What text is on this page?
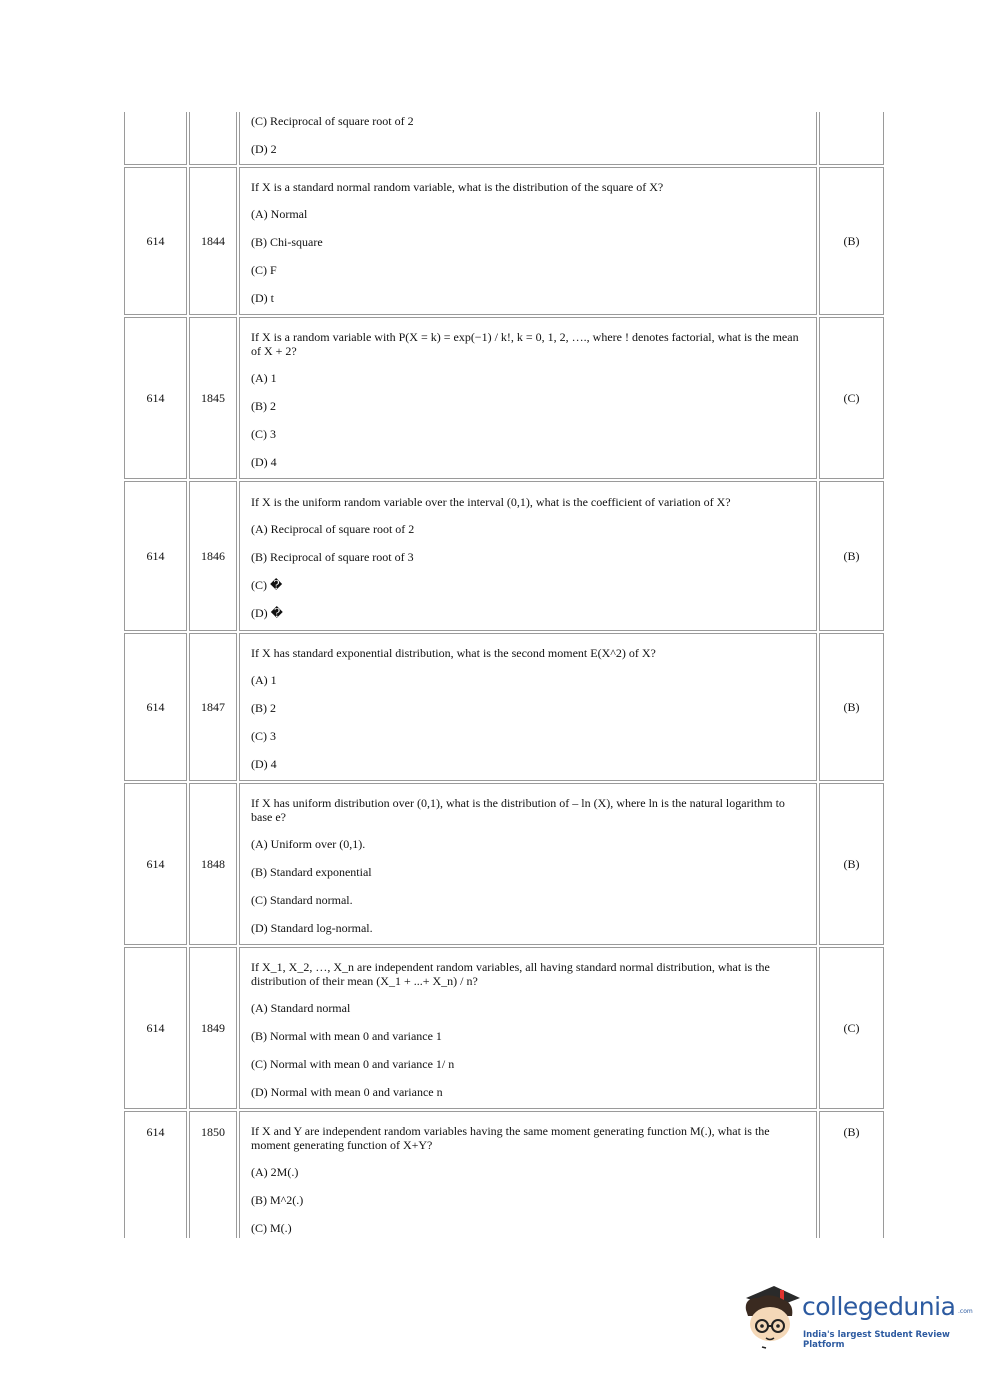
		(C) Reciprocal of square root of 2

(D) 2	

614	1844	If X is a standard normal random variable, what is the distribution of the square of X?

(A) Normal

(B) Chi-square

(C) F

(D) t	(B)
614	1845	If X is a random variable with P(X = k) = exp(−1) / k!, k = 0, 1, 2, …., where ! denotes factorial, what is the mean of X + 2?

(A) 1

(B) 2

(C) 3

(D) 4	(C)
614	1846	If X is the uniform random variable over the interval (0,1), what is the coefficient of variation of X?

(A) Reciprocal of square root of 2

(B) Reciprocal of square root of 3

(C) �

(D) �	(B)
614	1847	If X has standard exponential distribution, what is the second moment E(X^2) of X?

(A) 1

(B) 2

(C) 3

(D) 4	(B)
614	1848	If X has uniform distribution over (0,1), what is the distribution of – ln (X), where ln is the natural logarithm to base e?

(A) Uniform over (0,1).

(B) Standard exponential

(C) Standard normal.

(D) Standard log-normal.	(B)
614	1849	If X_1, X_2, …, X_n are independent random variables, all having standard normal distribution, what is the distribution of their mean (X_1 + ...+ X_n) / n?

(A) Standard normal

(B) Normal with mean 0 and variance 1

(C) Normal with mean 0 and variance 1/ n

(D) Normal with mean 0 and variance n	(C)
614	1850	If X and Y are independent random variables having the same moment generating function M(.), what is the moment generating function of X+Y?

(A) 2M(.)

(B) M^2(.)

(C) M(.)	(B)
collegedunia .com
India's largest Student Review Platform
